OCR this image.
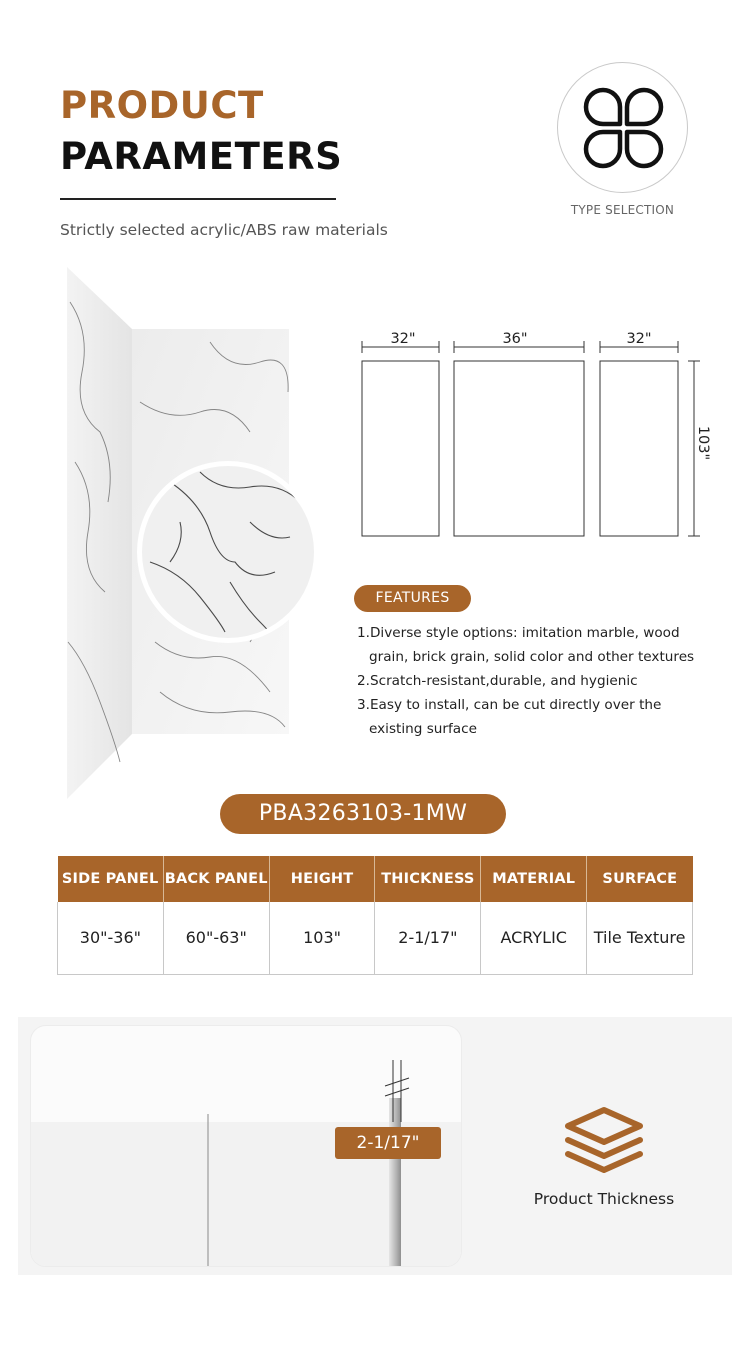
PRODUCT
PARAMETERS
Strictly selected acrylic/ABS raw materials
TYPE SELECTION
32"	36"	32"
103"
FEATURES
1.Diverse style options: imitation marble, wood grain, brick grain, solid color and other textures
2.Scratch-resistant,durable, and hygienic
3.Easy to install, can be cut directly over the existing surface
PBA3263103-1MW
SIDE PANEL	BACK PANEL	HEIGHT	THICKNESS	MATERIAL	SURFACE
30"-36"	60"-63"	103"	2-1/17"	ACRYLIC	Tile Texture
2-1/17"
Product Thickness
